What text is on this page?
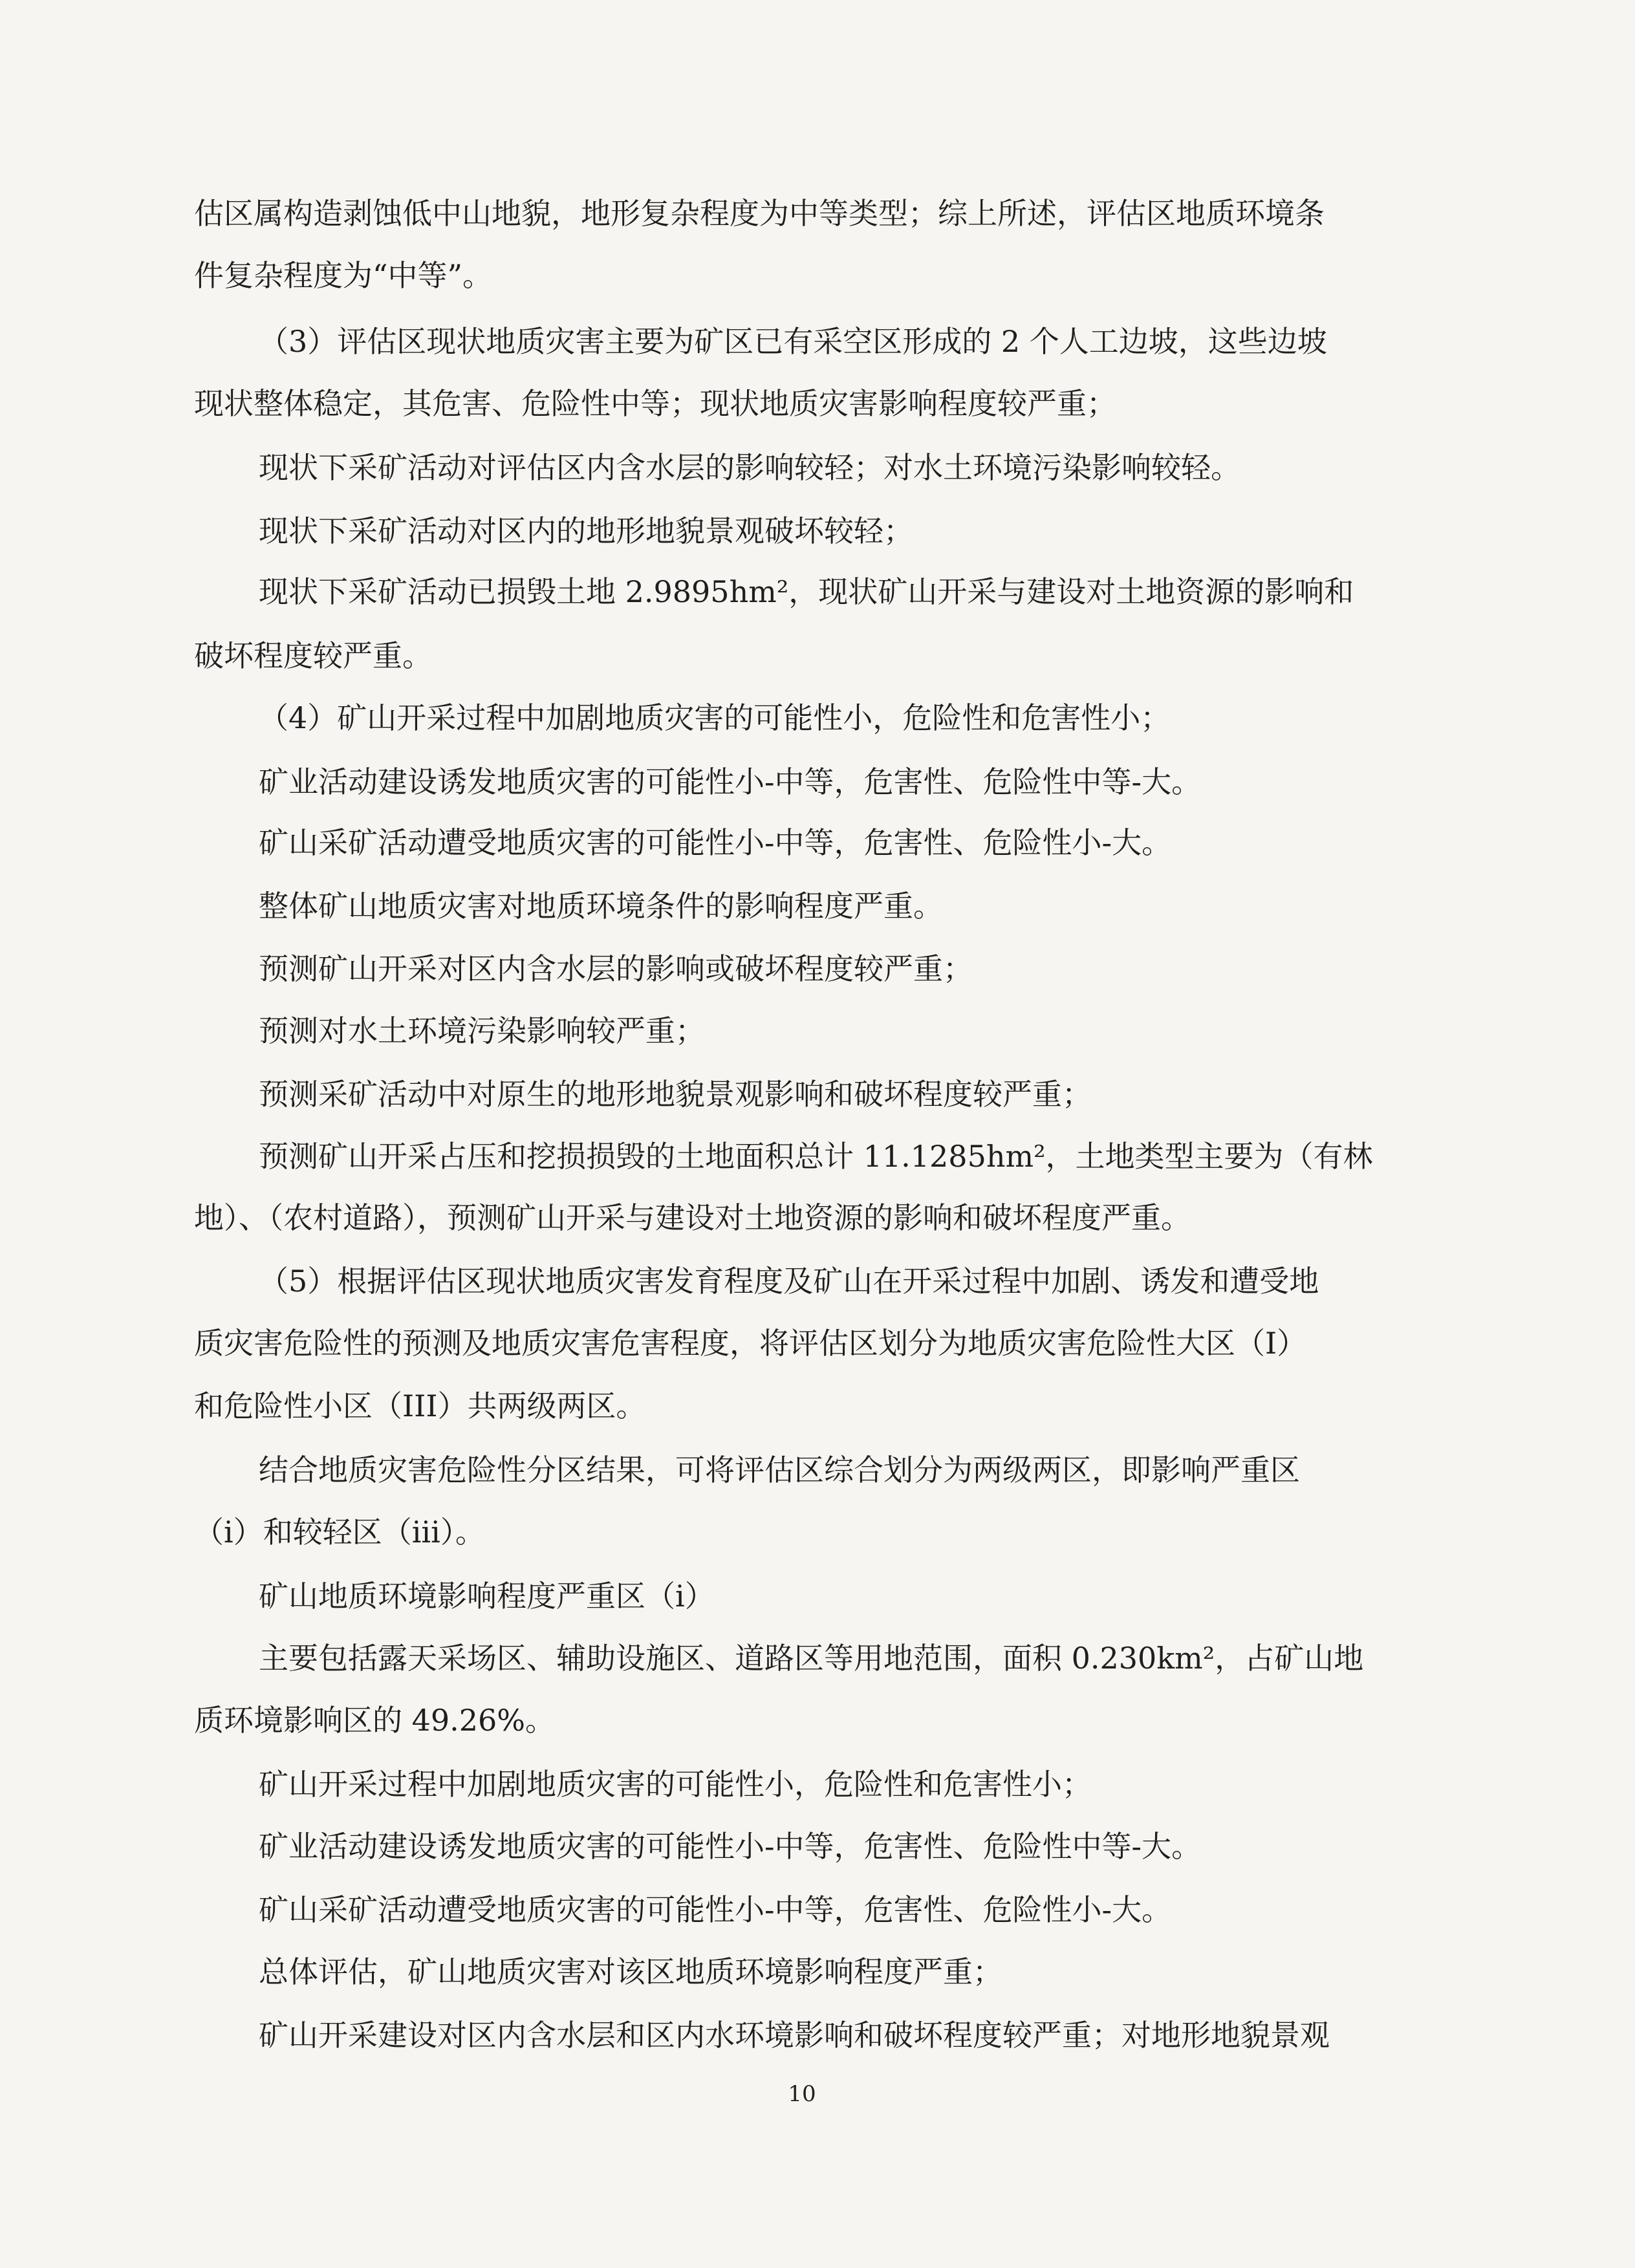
估区属构造剥蚀低中山地貌，地形复杂程度为中等类型；综上所述，评估区地质环境条
件复杂程度为“中等”。
（3）评估区现状地质灾害主要为矿区已有采空区形成的 2 个人工边坡，这些边坡
现状整体稳定，其危害、危险性中等；现状地质灾害影响程度较严重；
现状下采矿活动对评估区内含水层的影响较轻；对水土环境污染影响较轻。
现状下采矿活动对区内的地形地貌景观破坏较轻；
现状下采矿活动已损毁土地 2.9895hm²，现状矿山开采与建设对土地资源的影响和
破坏程度较严重。
（4）矿山开采过程中加剧地质灾害的可能性小，危险性和危害性小；
矿业活动建设诱发地质灾害的可能性小-中等，危害性、危险性中等-大。
矿山采矿活动遭受地质灾害的可能性小-中等，危害性、危险性小-大。
整体矿山地质灾害对地质环境条件的影响程度严重。
预测矿山开采对区内含水层的影响或破坏程度较严重；
预测对水土环境污染影响较严重；
预测采矿活动中对原生的地形地貌景观影响和破坏程度较严重；
预测矿山开采占压和挖损损毁的土地面积总计 11.1285hm²，土地类型主要为（有林
地）、（农村道路），预测矿山开采与建设对土地资源的影响和破坏程度严重。
（5）根据评估区现状地质灾害发育程度及矿山在开采过程中加剧、诱发和遭受地
质灾害危险性的预测及地质灾害危害程度，将评估区划分为地质灾害危险性大区（Ⅰ）
和危险性小区（III）共两级两区。
结合地质灾害危险性分区结果，可将评估区综合划分为两级两区，即影响严重区
（ⅰ）和较轻区（iii）。
矿山地质环境影响程度严重区（ⅰ）
主要包括露天采场区、辅助设施区、道路区等用地范围，面积 0.230km²，占矿山地
质环境影响区的 49.26%。
矿山开采过程中加剧地质灾害的可能性小，危险性和危害性小；
矿业活动建设诱发地质灾害的可能性小-中等，危害性、危险性中等-大。
矿山采矿活动遭受地质灾害的可能性小-中等，危害性、危险性小-大。
总体评估，矿山地质灾害对该区地质环境影响程度严重；
矿山开采建设对区内含水层和区内水环境影响和破坏程度较严重；对地形地貌景观
10
